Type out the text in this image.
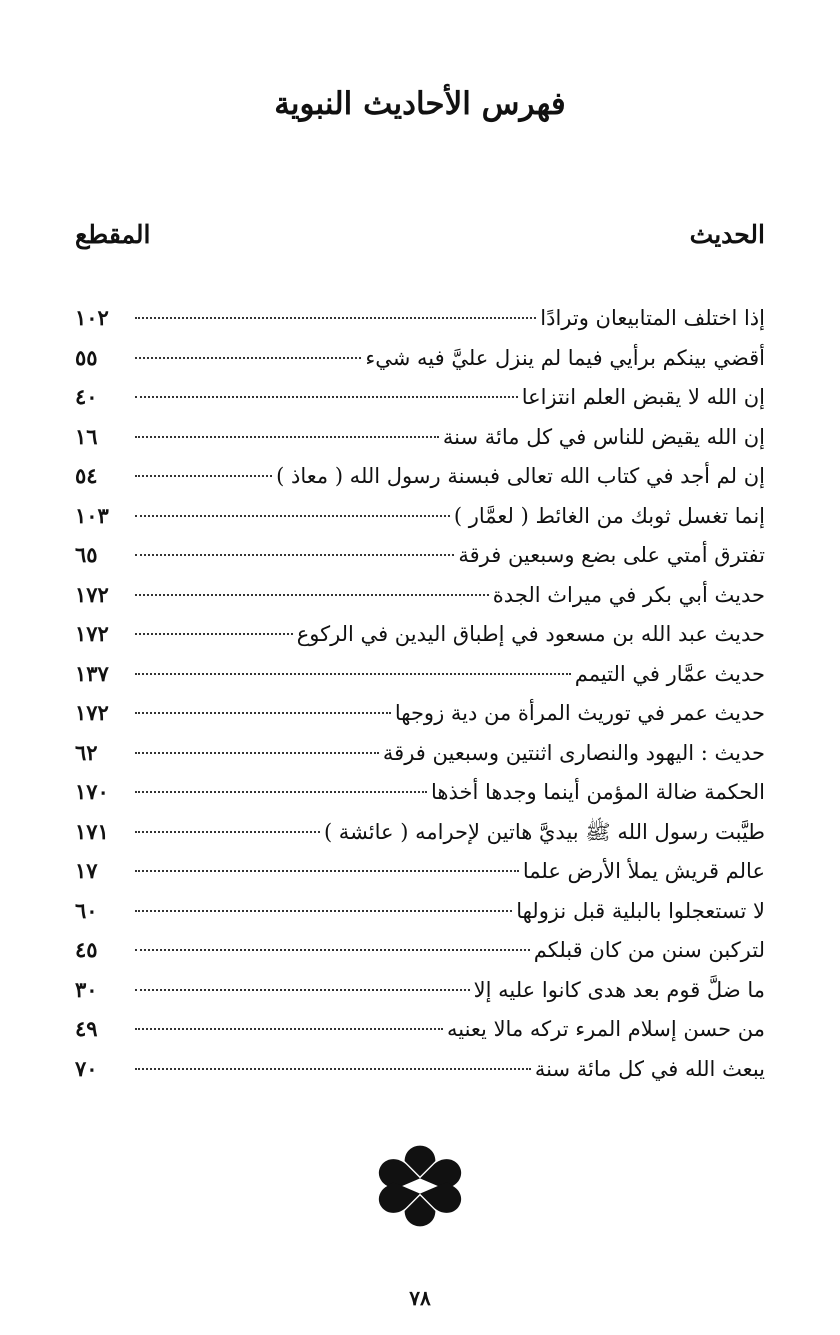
فهرس الأحاديث النبوية
الحديث
المقطع
إذا اختلف المتابيعان وترادًا
١٠٢
أقضي بينكم برأيي فيما لم ينزل عليَّ فيه شيء
٥٥
إن الله لا يقبض العلم انتزاعا
٤٠
إن الله يقيض للناس في كل مائة سنة
١٦
إن لم أجد في كتاب الله تعالى فبسنة رسول الله ( معاذ )
٥٤
إنما تغسل ثوبك من الغائط ( لعمَّار )
١٠٣
تفترق أمتي على بضع وسبعين فرقة
٦٥
حديث أبي بكر في ميراث الجدة
١٧٢
حديث عبد الله بن مسعود في إطباق اليدين في الركوع
١٧٢
حديث عمَّار في التيمم
١٣٧
حديث عمر في توريث المرأة من دية زوجها
١٧٢
حديث : اليهود والنصارى اثنتين وسبعين فرقة
٦٢
الحكمة ضالة المؤمن أينما وجدها أخذها
١٧٠
طيَّبت رسول الله ﷺ بيديَّ هاتين لإحرامه ( عائشة )
١٧١
عالم قريش يملأ الأرض علما
١٧
لا تستعجلوا بالبلية قبل نزولها
٦٠
لتركبن سنن من كان قبلكم
٤٥
ما ضلَّ قوم بعد هدى كانوا عليه إلا
٣٠
من حسن إسلام المرء تركه مالا يعنيه
٤٩
يبعث الله في كل مائة سنة
٧٠
٧٨
